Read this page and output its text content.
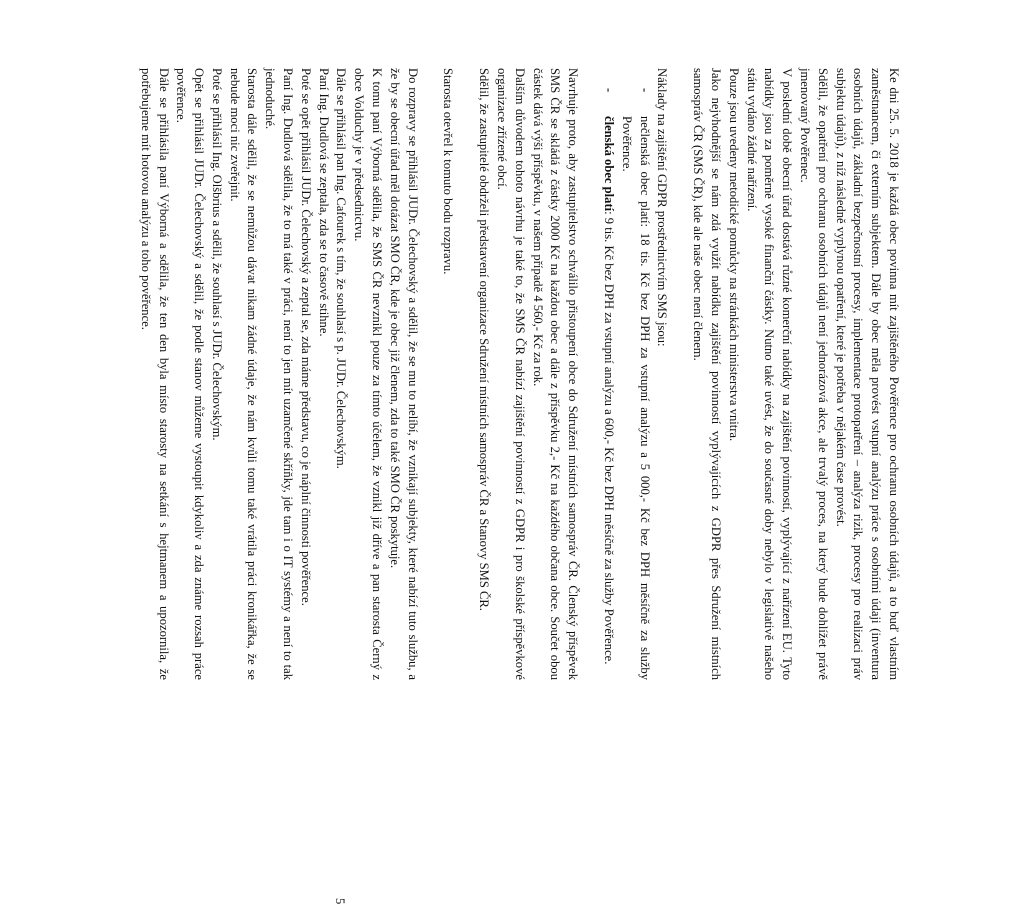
Ke dni 25. 5. 2018 je každá obec povinna mít zajištěného Pověřence pro ochranu osobních údajů, a to buď vlastním zaměstnancem, či externím subjektem. Dále by obec měla provést vstupní analýzu práce s osobními údaji (inventura osobních údajů, základní bezpečnostní procesy, implementace protopatření – analýza rizik, procesy pro realizaci práv subjektu údajů), z níž následně vyplynou opatření, které je potřeba v nějakém čase provést.

Sdělil, že opatření pro ochranu osobních údajů není jednorázová akce, ale trvalý proces, na který bude dohlížet právě jmenovaný Pověřenec.

V poslední době obecní úřad dostává různé komerční nabídky na zajištění povinností, vyplývající z nařízení EU. Tyto nabídky jsou za poměrně vysoké finanční částky. Nutno také uvést, že do současné doby nebylo v legislativě našeho státu vydáno žádné nařízení.

Pouze jsou uvedeny metodické pomůcky na stránkách ministerstva vnitra.

Jako nejvhodnější se nám zdá využít nabídku zajištění povinností vyplývajících z GDPR přes Sdružení místních samospráv ČR (SMS ČR), kde ale naše obec není členem.

Náklady na zajištění GDPR prostřednictvím SMS jsou:

-
nečlenská obec platí: 18 tis. Kč bez DPH za vstupní analýzu a 5 000,- Kč bez DPH měsíčně za služby Pověřence.
-
členská obec platí: 9 tis. Kč bez DPH za vstupní analýzu a 600,- Kč bez DPH měsíčně za služby Pověřence.

Navrhuje proto, aby zastupitelstvo schválilo přistoupení obce do Sdružení místních samospráv ČR. Členský příspěvek SMS ČR se skládá z částky 2000 Kč na každou obec a dále z příspěvku 2,- Kč na každého občana obce. Součet obou částek dává výši příspěvku, v našem případě 4 560,- Kč za rok.

Dalším důvodem tohoto návrhu je také to, že SMS ČR nabízí zajištění povinností z GDPR i pro školské příspěvkové organizace zřízené obcí.

Sdělil, že zastupitelé obdrželi představení organizace Sdružení místních samospráv ČR a Stanovy SMS ČR.

Starosta otevřel k tomuto bodu rozpravu.

Do rozpravy se přihlásil JUDr. Čelechovský a sdělil, že se mu to nelíbí, že vznikají subjekty, které nabízí tuto službu, a že by se obecní úřad měl dotázat SMO ČR, kde je obec již členem, zda to také SMO ČR poskytuje.

K tomu paní Výborná sdělila, že SMS ČR nevznikl pouze za tímto účelem, že vznikl již dříve a pan starosta Černý z obce Volduchy je v předsednictvu.

Dále se přihlásil pan Ing. Cafourek s tím, že souhlasí s p. JUDr. Čelechovským.

Paní Ing. Dudlová se zeptala, zda se to časově stihne.

Poté se opět přihlásil JUDr. Čelechovský a zeptal se, zda máme představu, co je náplní činnosti pověřence.

Paní Ing. Dudlová sdělila, že to má také v práci, není to jen mít uzamčené skříňky, jde tam i o IT systémy a není to tak jednoduché.

Starosta dále sdělil, že se nemůžou dávat nikam žádné údaje, že nám kvůli tomu také vrátila práci kronikářka, že se nebude moci nic zveřejnit.

Poté se přihlásil Ing. Olšbrius a sdělil, že souhlasí s JUDr. Čelechovským.

Opět se přihlásil JUDr. Čelechovský a sdělil, že podle stanov můžeme vystoupit kdykoliv a zda známe rozsah práce pověřence.

Dále se přihlásila paní Výborná a sdělila, že ten den byla místo starosty na setkání s hejtmanem a upozornila, že potřebujeme mít hotovou analýzu a toho pověřence.

5
